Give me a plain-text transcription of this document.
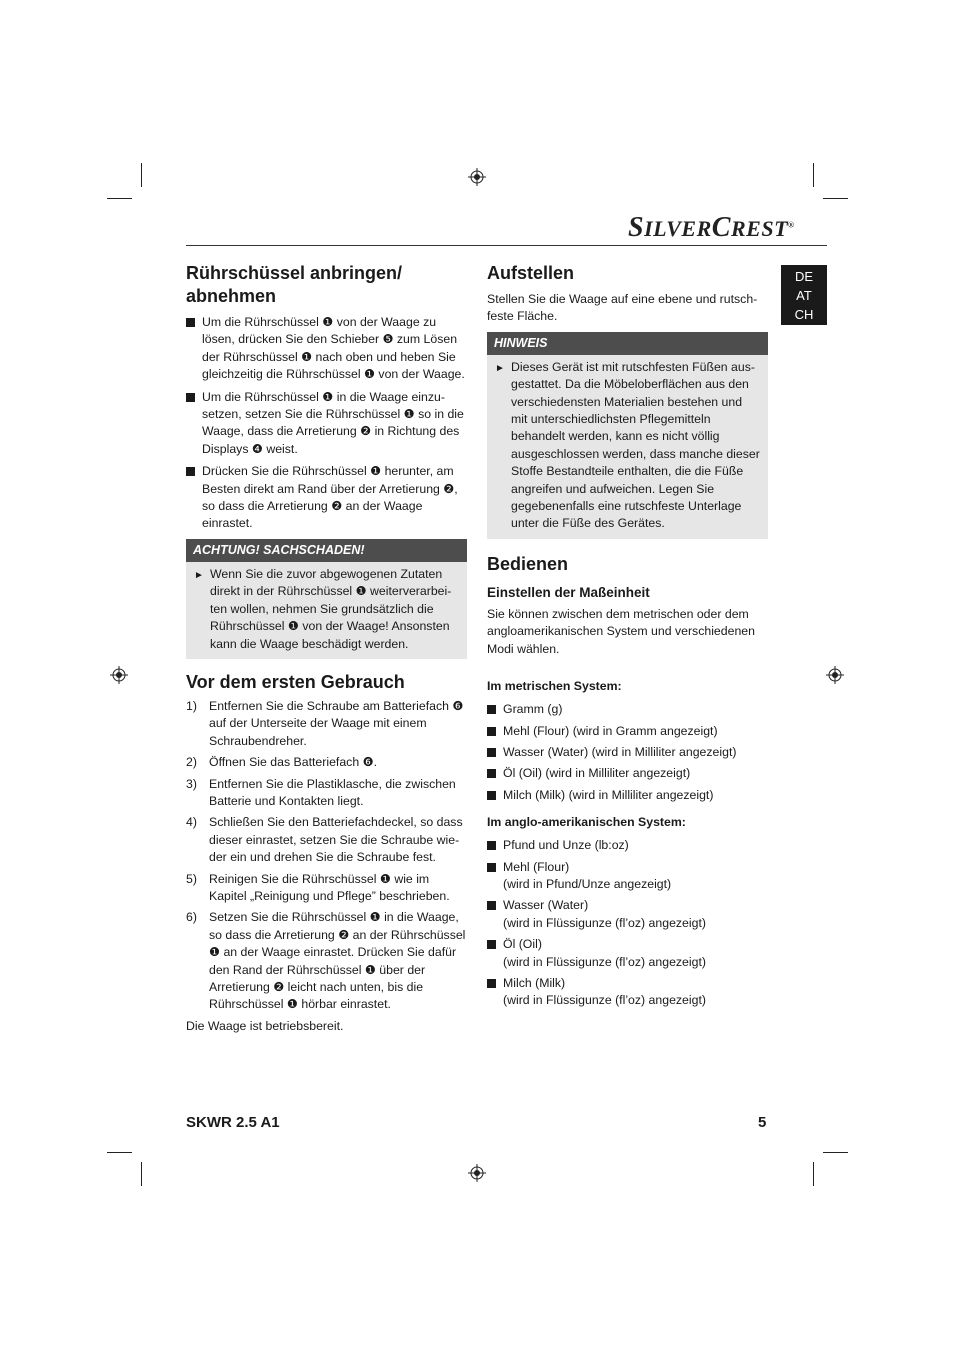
SILVERCREST®
DE
AT
CH
Rührschüssel anbringen/ abnehmen
Um die Rührschüssel ❶ von der Waage zu lösen, drücken Sie den Schieber ❺ zum Lösen der Rührschüssel ❶ nach oben und heben Sie gleichzeitig die Rührschüssel ❶ von der Waage.
Um die Rührschüssel ❶ in die Waage einzusetzen, setzen Sie die Rührschüssel ❶ so in die Waage, dass die Arretierung ❷ in Richtung des Displays ❹ weist.
Drücken Sie die Rührschüssel ❶ herunter, am Besten direkt am Rand über der Arretierung ❷, so dass die Arretierung ❷ an der Waage einrastet.
ACHTUNG! SACHSCHADEN!
► Wenn Sie die zuvor abgewogenen Zutaten direkt in der Rührschüssel ❶ weiterverarbeiten wollen, nehmen Sie grundsätzlich die Rührschüssel ❶ von der Waage! Ansonsten kann die Waage beschädigt werden.
Vor dem ersten Gebrauch
1) Entfernen Sie die Schraube am Batteriefach ❻ auf der Unterseite der Waage mit einem Schraubendreher.
2) Öffnen Sie das Batteriefach ❻.
3) Entfernen Sie die Plastiklasche, die zwischen Batterie und Kontakten liegt.
4) Schließen Sie den Batteriefachdeckel, so dass dieser einrastet, setzen Sie die Schraube wieder ein und drehen Sie die Schraube fest.
5) Reinigen Sie die Rührschüssel ❶ wie im Kapitel „Reinigung und Pflege” beschrieben.
6) Setzen Sie die Rührschüssel ❶ in die Waage, so dass die Arretierung ❷ an der Rührschüssel ❶ an der Waage einrastet. Drücken Sie dafür den Rand der Rührschüssel ❶ über der Arretierung ❷ leicht nach unten, bis die Rührschüssel ❶ hörbar einrastet.

Die Waage ist betriebsbereit.

Aufstellen

Stellen Sie die Waage auf eine ebene und rutschfeste Fläche.

HINWEIS
► Dieses Gerät ist mit rutschfesten Füßen ausgestattet. Da die Möbeloberflächen aus den verschiedensten Materialien bestehen und mit unterschiedlichsten Pflegemitteln behandelt werden, kann es nicht völlig ausgeschlossen werden, dass manche dieser Stoffe Bestandteile enthalten, die die Füße angreifen und aufweichen. Legen Sie gegebenenfalls eine rutschfeste Unterlage unter die Füße des Gerätes.
Bedienen
Einstellen der Maßeinheit

Sie können zwischen dem metrischen oder dem angloamerikanischen System und verschiedenen Modi wählen.

Im metrischen System:
Gramm (g)
Mehl (Flour) (wird in Gramm angezeigt)
Wasser (Water) (wird in Milliliter angezeigt)
Öl (Oil) (wird in Milliliter angezeigt)
Milch (Milk) (wird in Milliliter angezeigt)
Im anglo-amerikanischen System:
Pfund und Unze (lb:oz)
Mehl (Flour)
(wird in Pfund/Unze angezeigt)
Wasser (Water)
(wird in Flüssigunze (fl’oz) angezeigt)
Öl (Oil)
(wird in Flüssigunze (fl’oz) angezeigt)
Milch (Milk)
(wird in Flüssigunze (fl’oz) angezeigt)
SKWR 2.5 A1	5
